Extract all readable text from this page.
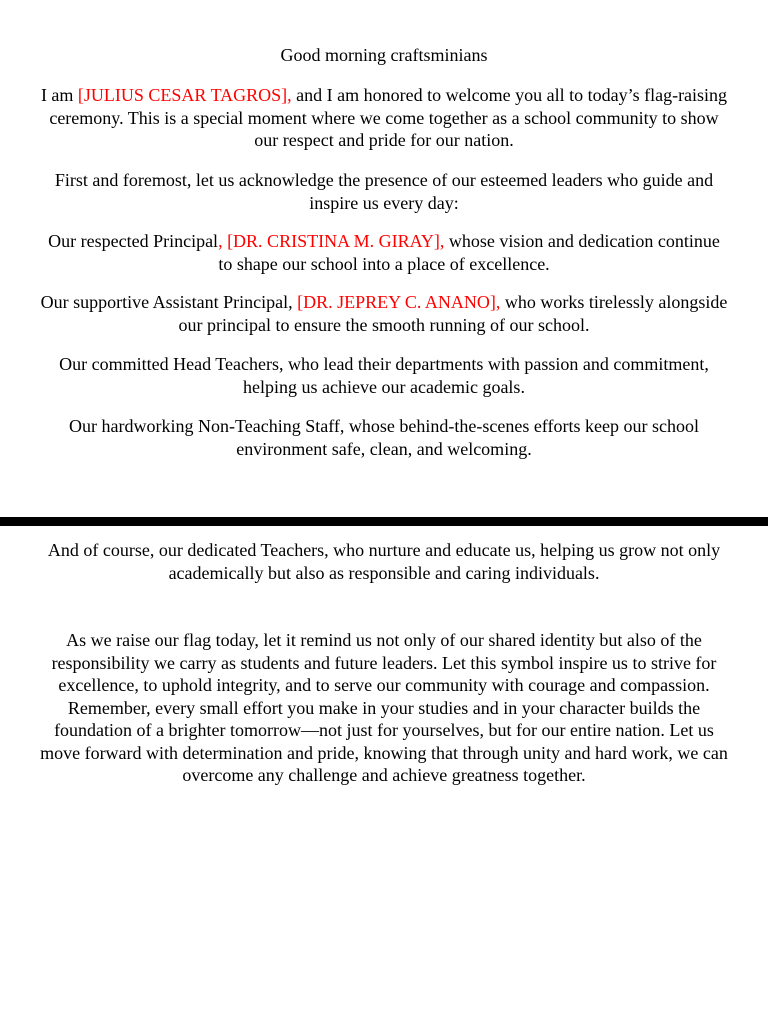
Good morning craftsminians

I am [JULIUS CESAR TAGROS], and I am honored to welcome you all to today’s flag-raising ceremony. This is a special moment where we come together as a school community to show our respect and pride for our nation.

First and foremost, let us acknowledge the presence of our esteemed leaders who guide and inspire us every day:

Our respected Principal, [DR. CRISTINA M. GIRAY], whose vision and dedication continue to shape our school into a place of excellence.

Our supportive Assistant Principal, [DR. JEPREY C. ANANO], who works tirelessly alongside our principal to ensure the smooth running of our school.

Our committed Head Teachers, who lead their departments with passion and commitment, helping us achieve our academic goals.

Our hardworking Non-Teaching Staff, whose behind-the-scenes efforts keep our school environment safe, clean, and welcoming.

And of course, our dedicated Teachers, who nurture and educate us, helping us grow not only academically but also as responsible and caring individuals.

As we raise our flag today, let it remind us not only of our shared identity but also of the responsibility we carry as students and future leaders. Let this symbol inspire us to strive for excellence, to uphold integrity, and to serve our community with courage and compassion. Remember, every small effort you make in your studies and in your character builds the foundation of a brighter tomorrow—not just for yourselves, but for our entire nation. Let us move forward with determination and pride, knowing that through unity and hard work, we can overcome any challenge and achieve greatness together.
